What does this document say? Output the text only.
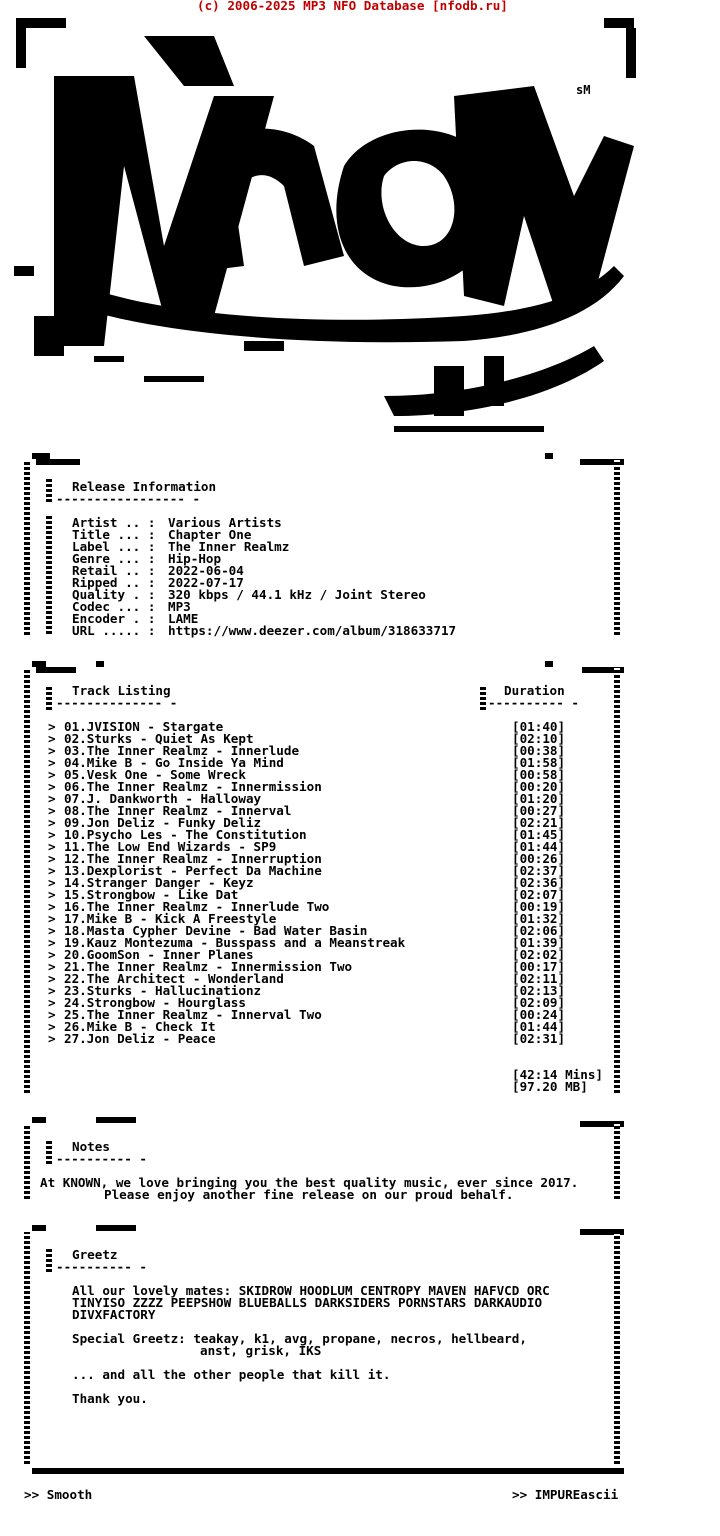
(c) 2006-2025 MP3 NFO Database [nfodb.ru]
sM
Release Information
----------------- -
Artist .. : Various Artists
Title ... : Chapter One
Label ... : The Inner Realmz
Genre ... : Hip-Hop
Retail .. : 2022-06-04
Ripped .. : 2022-07-17
Quality . : 320 kbps / 44.1 kHz / Joint Stereo
Codec ... : MP3
Encoder . : LAME
URL ..... : https://www.deezer.com/album/318633717
Track Listing
-------------- -
Duration
---------- -
> 01.JVISION - Stargate	[01:40]
> 02.Sturks - Quiet As Kept	[02:10]
> 03.The Inner Realmz - Innerlude	[00:38]
> 04.Mike B - Go Inside Ya Mind	[01:58]
> 05.Vesk One - Some Wreck	[00:58]
> 06.The Inner Realmz - Innermission	[00:20]
> 07.J. Dankworth - Halloway	[01:20]
> 08.The Inner Realmz - Innerval	[00:27]
> 09.Jon Deliz - Funky Deliz	[02:21]
> 10.Psycho Les - The Constitution	[01:45]
> 11.The Low End Wizards - SP9	[01:44]
> 12.The Inner Realmz - Innerruption	[00:26]
> 13.Dexplorist - Perfect Da Machine	[02:37]
> 14.Stranger Danger - Keyz	[02:36]
> 15.Strongbow - Like Dat	[02:07]
> 16.The Inner Realmz - Innerlude Two	[00:19]
> 17.Mike B - Kick A Freestyle	[01:32]
> 18.Masta Cypher Devine - Bad Water Basin	[02:06]
> 19.Kauz Montezuma - Busspass and a Meanstreak	[01:39]
> 20.GoomSon - Inner Planes	[02:02]
> 21.The Inner Realmz - Innermission Two	[00:17]
> 22.The Architect - Wonderland	[02:11]
> 23.Sturks - Hallucinationz	[02:13]
> 24.Strongbow - Hourglass	[02:09]
> 25.The Inner Realmz - Innerval Two	[00:24]
> 26.Mike B - Check It	[01:44]
> 27.Jon Deliz - Peace	[02:31]
[42:14 Mins]
[97.20 MB]
Notes
---------- -
At KNOWN, we love bringing you the best quality music, ever since 2017.
Please enjoy another fine release on our proud behalf.
Greetz
---------- -
All our lovely mates: SKIDROW HOODLUM CENTROPY MAVEN HAFVCD ORC
TINYISO ZZZZ PEEPSHOW BLUEBALLS DARKSIDERS PORNSTARS DARKAUDIO
DIVXFACTORY
Special Greetz: teakay, k1, avg, propane, necros, hellbeard,
anst, grisk, IKS
... and all the other people that kill it.
Thank you.
>> Smooth	>> IMPUREascii
